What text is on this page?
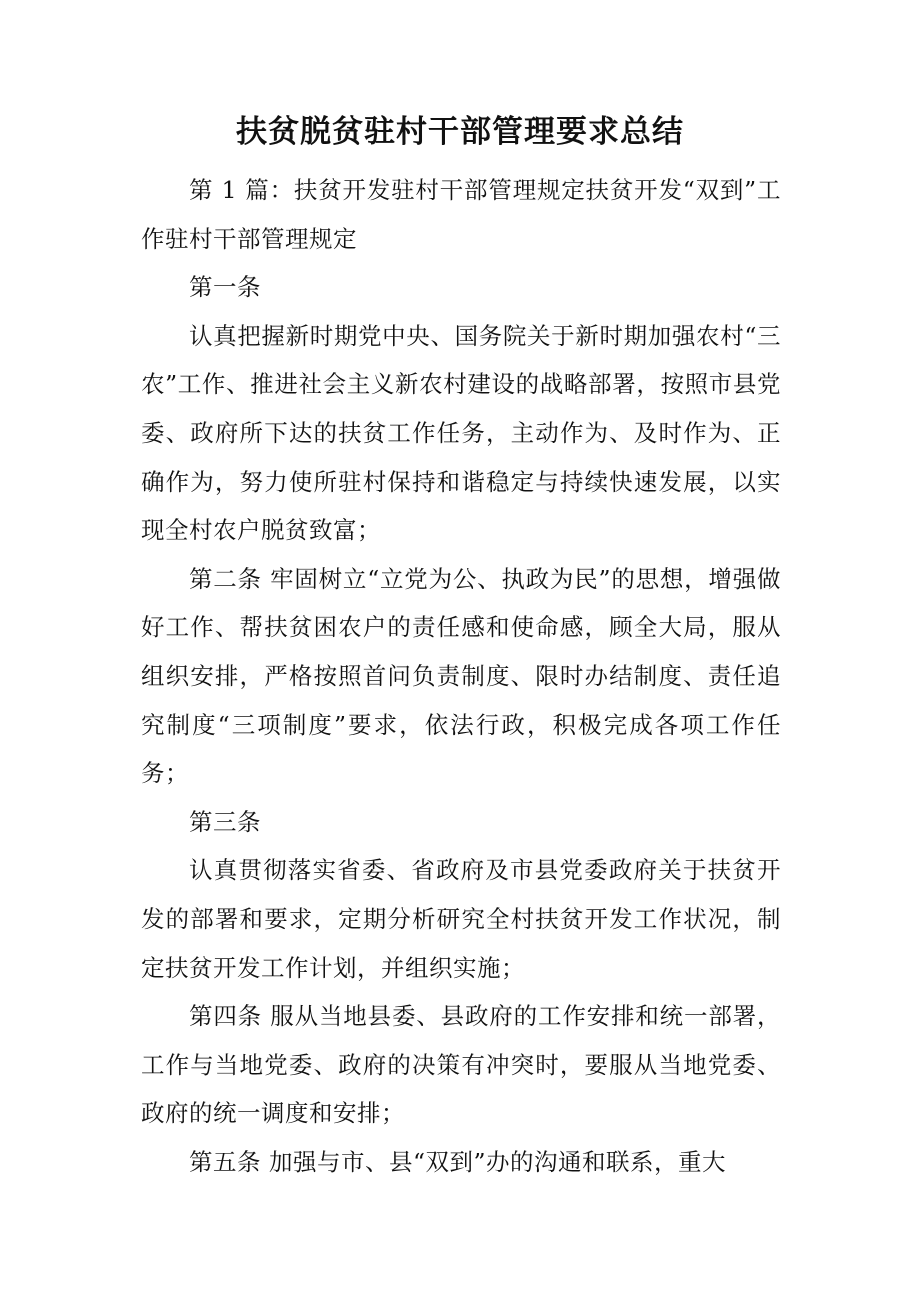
扶贫脱贫驻村干部管理要求总结

第 1 篇：扶贫开发驻村干部管理规定扶贫开发“双到”工作驻村干部管理规定

第一条

认真把握新时期党中央、国务院关于新时期加强农村“三农”工作、推进社会主义新农村建设的战略部署，按照市县党委、政府所下达的扶贫工作任务，主动作为、及时作为、正确作为，努力使所驻村保持和谐稳定与持续快速发展，以实现全村农户脱贫致富；

第二条 牢固树立“立党为公、执政为民”的思想，增强做好工作、帮扶贫困农户的责任感和使命感，顾全大局，服从组织安排，严格按照首问负责制度、限时办结制度、责任追究制度“三项制度”要求，依法行政，积极完成各项工作任务；

第三条

认真贯彻落实省委、省政府及市县党委政府关于扶贫开发的部署和要求，定期分析研究全村扶贫开发工作状况，制定扶贫开发工作计划，并组织实施；

第四条 服从当地县委、县政府的工作安排和统一部署，工作与当地党委、政府的决策有冲突时，要服从当地党委、政府的统一调度和安排；

第五条 加强与市、县“双到”办的沟通和联系，重大
